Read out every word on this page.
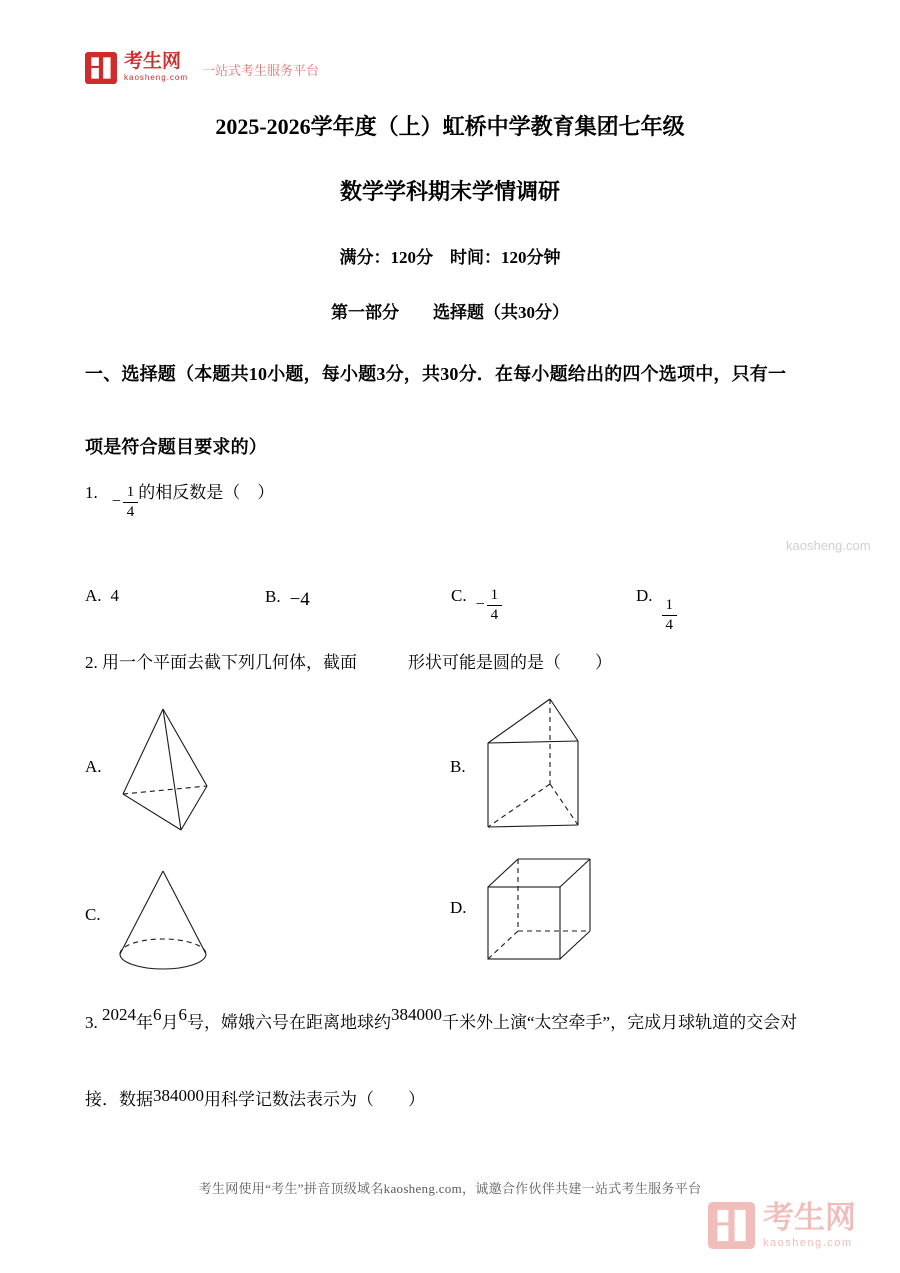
考生网
kaosheng.com 一站式考生服务平台
2025-2026学年度（上）虹桥中学教育集团七年级
数学学科期末学情调研
满分：120分　时间：120分钟
第一部分　　选择题（共30分）
一、选择题（本题共10小题，每小题3分，共30分．在每小题给出的四个选项中，只有一
项是符合题目要求的）
1. − $\frac{1}{4}$ 的相反数是（　）
A. 4	B. −4	C. − $\frac{1}{4}$	D.
$\frac{1}{4}$
2. 用一个平面去截下列几何体，截面　　　形状可能是圆的是（　　）
A.	B.
C.	D.
3. 2024年6月6号，嫦娥六号在距离地球约384000千米外上演“太空牵手”，完成月球轨道的交会对
接．数据384000用科学记数法表示为（　　）
kaosheng.com
考生网使用“考生”拼音顶级域名kaosheng.com，诚邀合作伙伴共建一站式考生服务平台
考生网
kaosheng.com
